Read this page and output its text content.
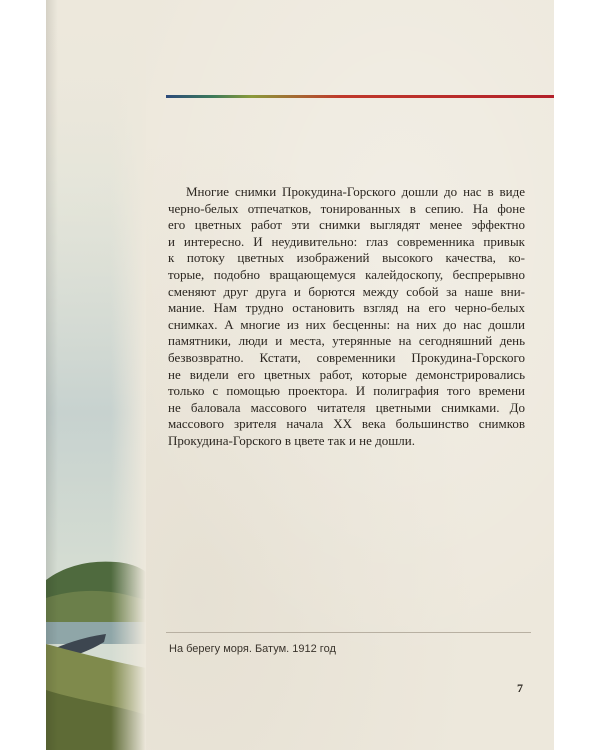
Многие снимки Прокудина-Горского дошли до нас в виде
черно-белых отпечатков, тонированных в сепию. На фоне
его цветных работ эти снимки выглядят менее эффектно
и интересно. И неудивительно: глаз современника привык
к потоку цветных изображений высокого качества, ко-
торые, подобно вращающемуся калейдоскопу, беспрерывно
сменяют друг друга и борются между собой за наше вни-
мание. Нам трудно остановить взгляд на его черно-белых
снимках. А многие из них бесценны: на них до нас дошли
памятники, люди и места, утерянные на сегодняшний день
безвозвратно. Кстати, современники Прокудина-Горского
не видели его цветных работ, которые демонстрировались
только с помощью проектора. И полиграфия того времени
не баловала массового читателя цветными снимками. До
массового зрителя начала XX века большинство снимков
Прокудина-Горского в цвете так и не дошли.
На берегу моря. Батум. 1912 год
7
